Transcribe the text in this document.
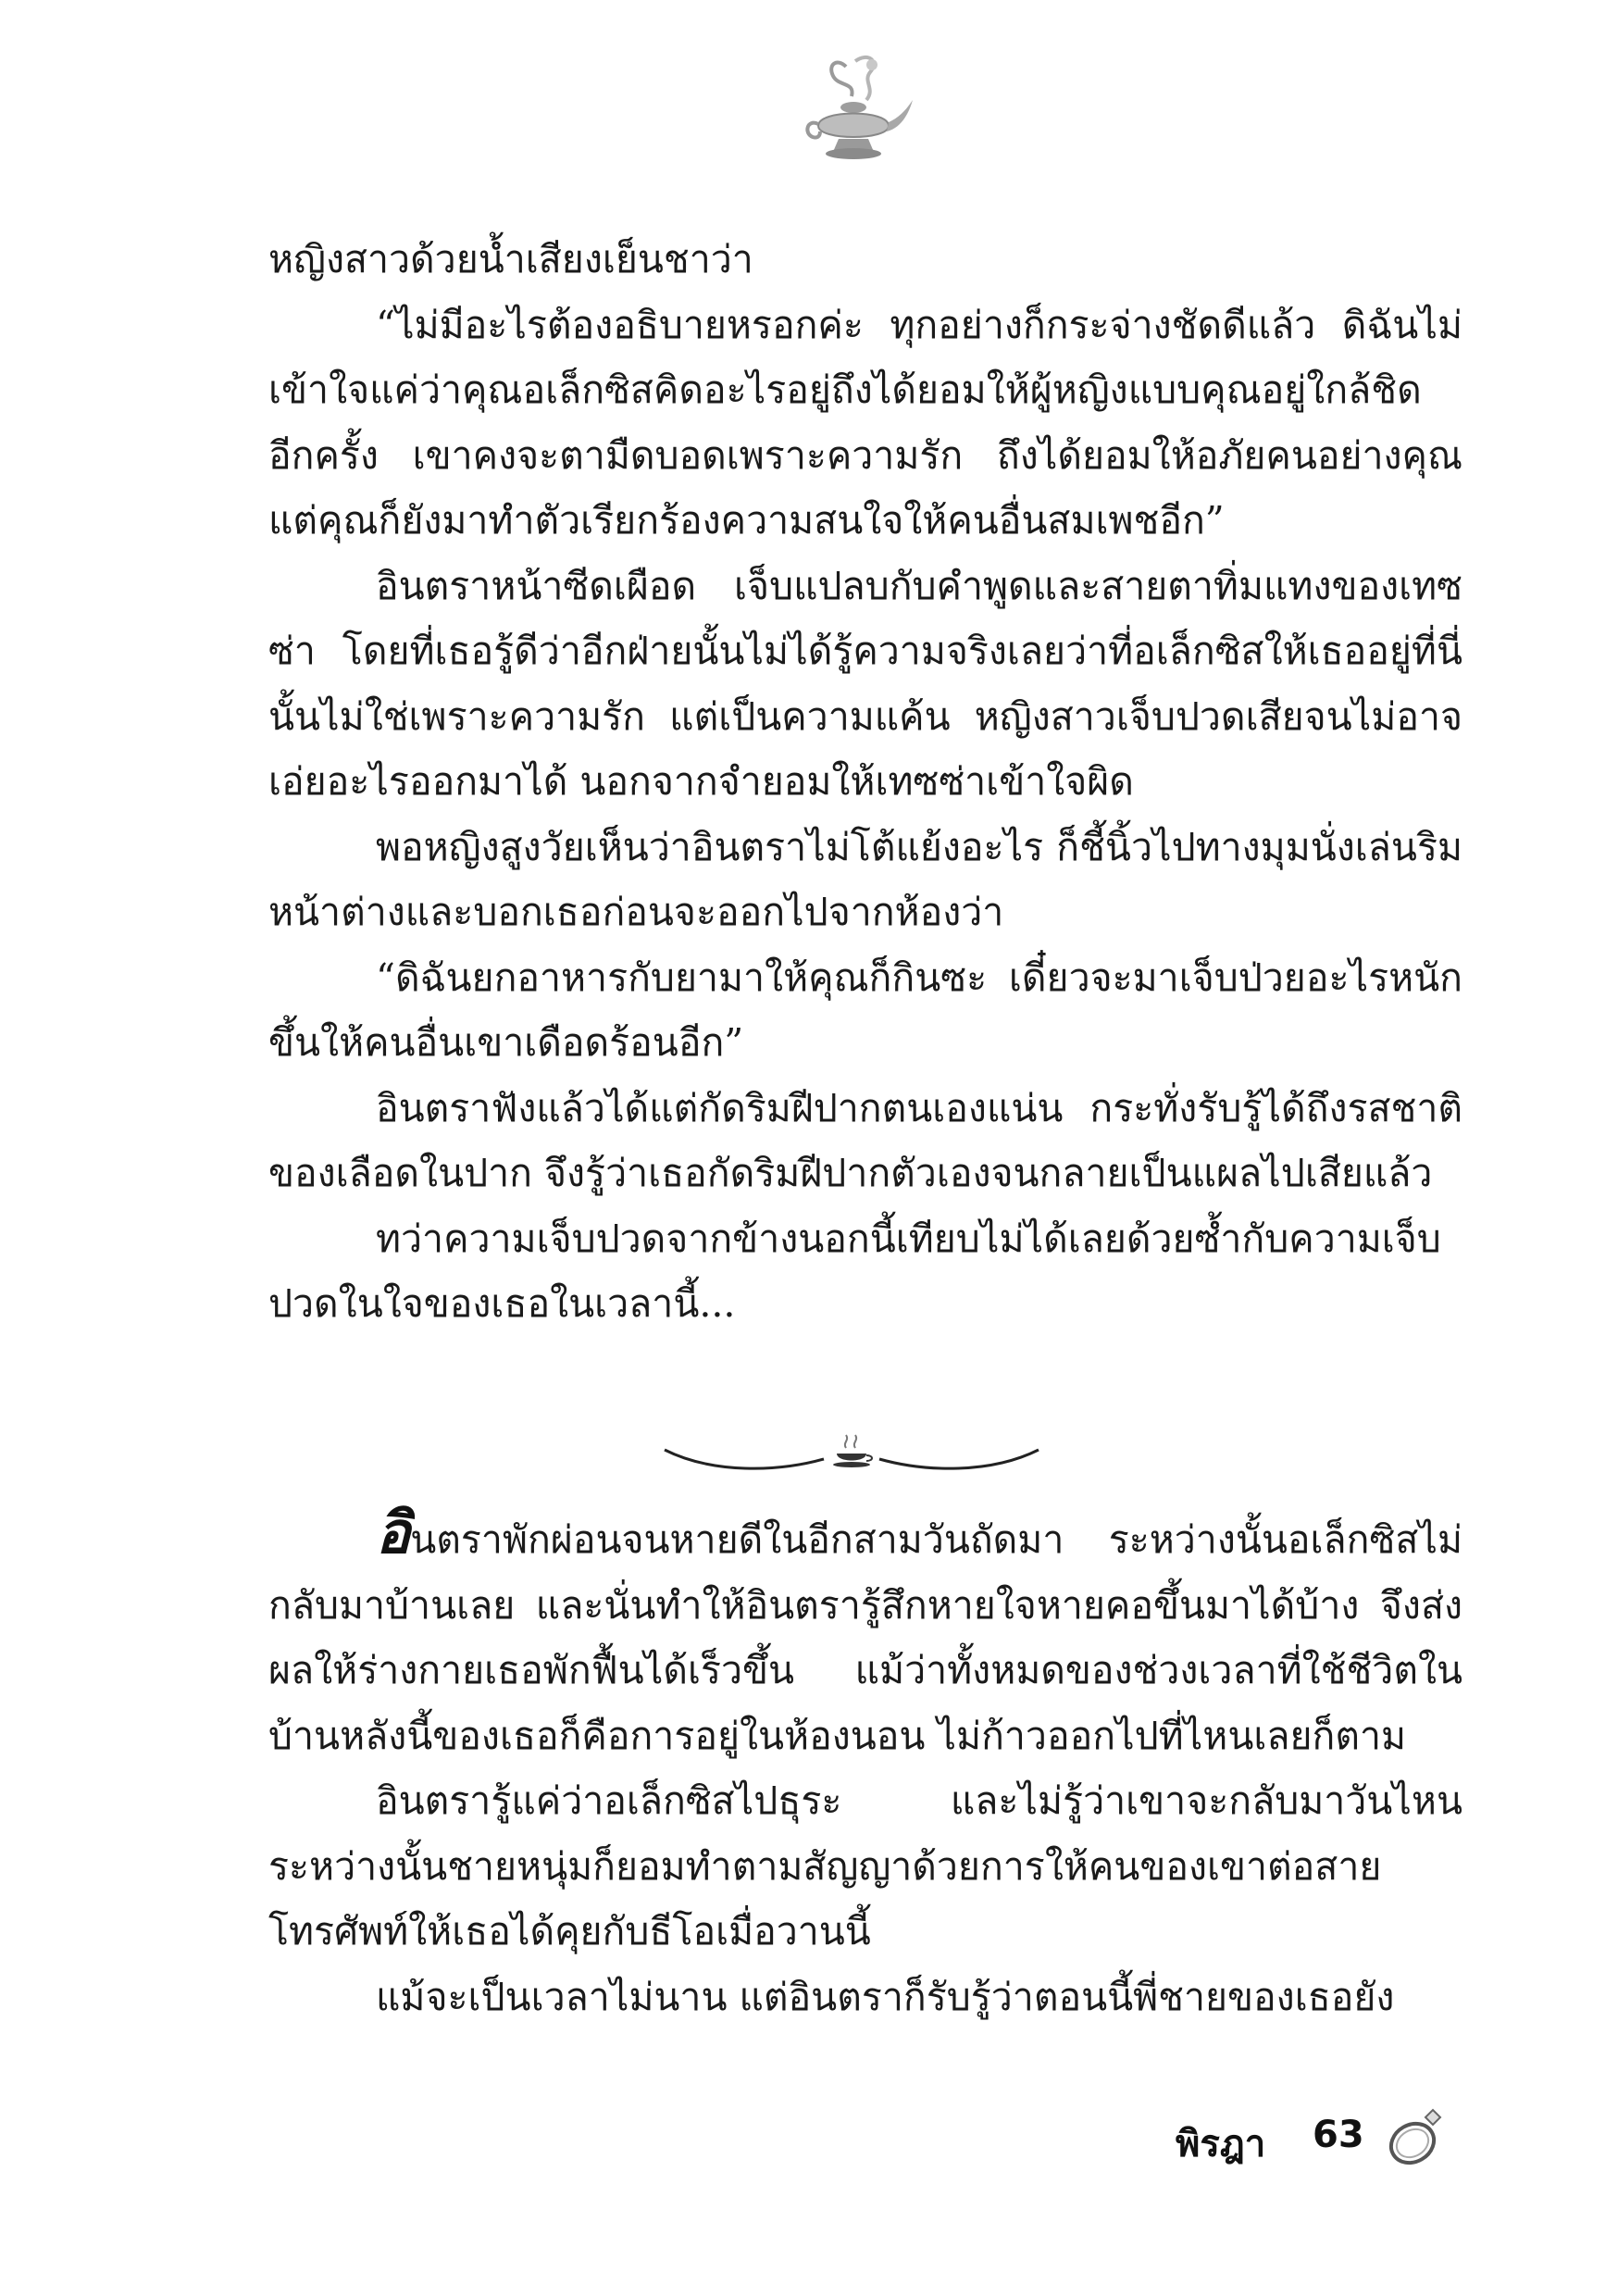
หญิงสาวด้วยน้ำเสียงเย็นชาว่า

“ไม่มีอะไรต้องอธิบายหรอกค่ะ ทุกอย่างก็กระจ่างชัดดีแล้ว ดิฉันไม่เข้าใจแค่ว่าคุณอเล็กซิสคิดอะไรอยู่ถึงได้ยอมให้ผู้หญิงแบบคุณอยู่ใกล้ชิดอีกครั้ง เขาคงจะตามืดบอดเพราะความรัก ถึงได้ยอมให้อภัยคนอย่างคุณ แต่คุณก็ยังมาทำตัวเรียกร้องความสนใจให้คนอื่นสมเพชอีก”

อินตราหน้าซีดเผือด เจ็บแปลบกับคำพูดและสายตาทิ่มแทงของเทซซ่า โดยที่เธอรู้ดีว่าอีกฝ่ายนั้นไม่ได้รู้ความจริงเลยว่าที่อเล็กซิสให้เธออยู่ที่นี่นั้นไม่ใช่เพราะความรัก แต่เป็นความแค้น หญิงสาวเจ็บปวดเสียจนไม่อาจเอ่ยอะไรออกมาได้ นอกจากจำยอมให้เทซซ่าเข้าใจผิด

พอหญิงสูงวัยเห็นว่าอินตราไม่โต้แย้งอะไร ก็ชี้นิ้วไปทางมุมนั่งเล่นริมหน้าต่างและบอกเธอก่อนจะออกไปจากห้องว่า

“ดิฉันยกอาหารกับยามาให้คุณก็กินซะ เดี๋ยวจะมาเจ็บป่วยอะไรหนักขึ้นให้คนอื่นเขาเดือดร้อนอีก”

อินตราฟังแล้วได้แต่กัดริมฝีปากตนเองแน่น กระทั่งรับรู้ได้ถึงรสชาติของเลือดในปาก จึงรู้ว่าเธอกัดริมฝีปากตัวเองจนกลายเป็นแผลไปเสียแล้ว

ทว่าความเจ็บปวดจากข้างนอกนี้เทียบไม่ได้เลยด้วยซ้ำกับความเจ็บปวดในใจของเธอในเวลานี้...

อินตราพักผ่อนจนหายดีในอีกสามวันถัดมา ระหว่างนั้นอเล็กซิสไม่กลับมาบ้านเลย และนั่นทำให้อินตรารู้สึกหายใจหายคอขึ้นมาได้บ้าง จึงส่งผลให้ร่างกายเธอพักฟื้นได้เร็วขึ้น แม้ว่าทั้งหมดของช่วงเวลาที่ใช้ชีวิตในบ้านหลังนี้ของเธอก็คือการอยู่ในห้องนอน ไม่ก้าวออกไปที่ไหนเลยก็ตาม

อินตรารู้แค่ว่าอเล็กซิสไปธุระ และไม่รู้ว่าเขาจะกลับมาวันไหน ระหว่างนั้นชายหนุ่มก็ยอมทำตามสัญญาด้วยการให้คนของเขาต่อสายโทรศัพท์ให้เธอได้คุยกับธีโอเมื่อวานนี้

แม้จะเป็นเวลาไม่นาน แต่อินตราก็รับรู้ว่าตอนนี้พี่ชายของเธอยัง

พิรฎา 63
